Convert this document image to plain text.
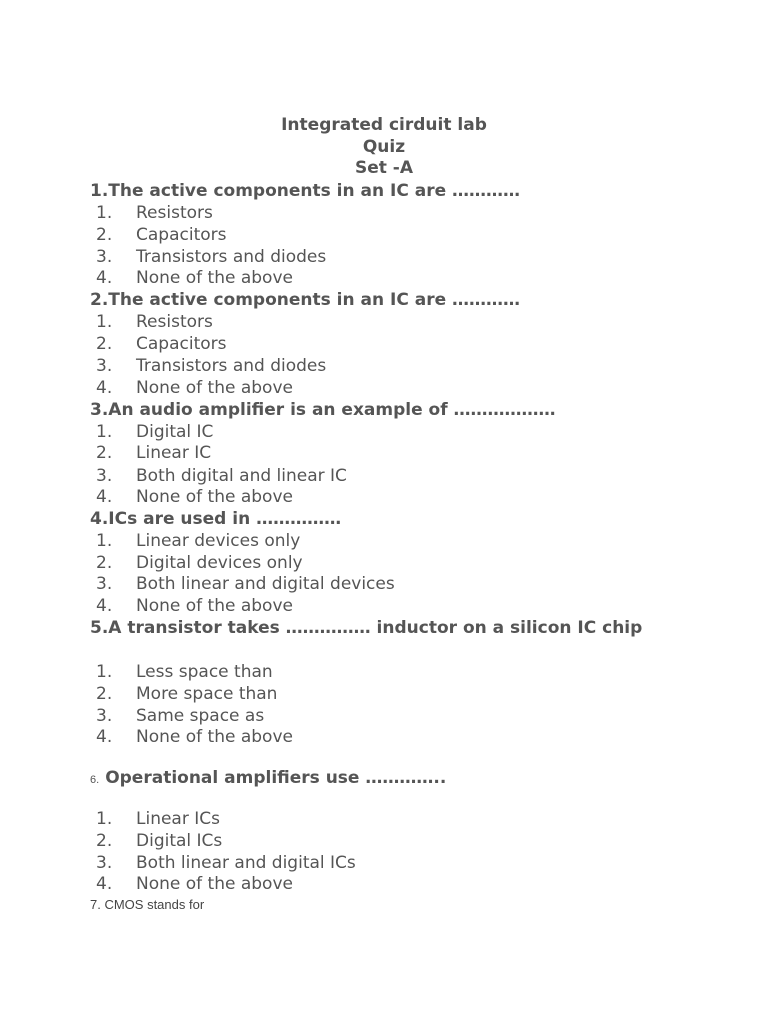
Integrated cirduit lab
Quiz
Set -A
1.The active components in an IC are …………
1. Resistors
2. Capacitors
3. Transistors and diodes
4. None of the above
2.The active components in an IC are …………
1. Resistors
2. Capacitors
3. Transistors and diodes
4. None of the above
3.An audio amplifier is an example of ………………
1. Digital IC
2. Linear IC
3. Both digital and linear IC
4. None of the above
4.ICs are used in ……………
1. Linear devices only
2. Digital devices only
3. Both linear and digital devices
4. None of the above
5.A transistor takes …………… inductor on a silicon IC chip
1. Less space than
2. More space than
3. Same space as
4. None of the above
6. Operational amplifiers use …………..
1. Linear ICs
2. Digital ICs
3. Both linear and digital ICs
4. None of the above
7. CMOS stands for
